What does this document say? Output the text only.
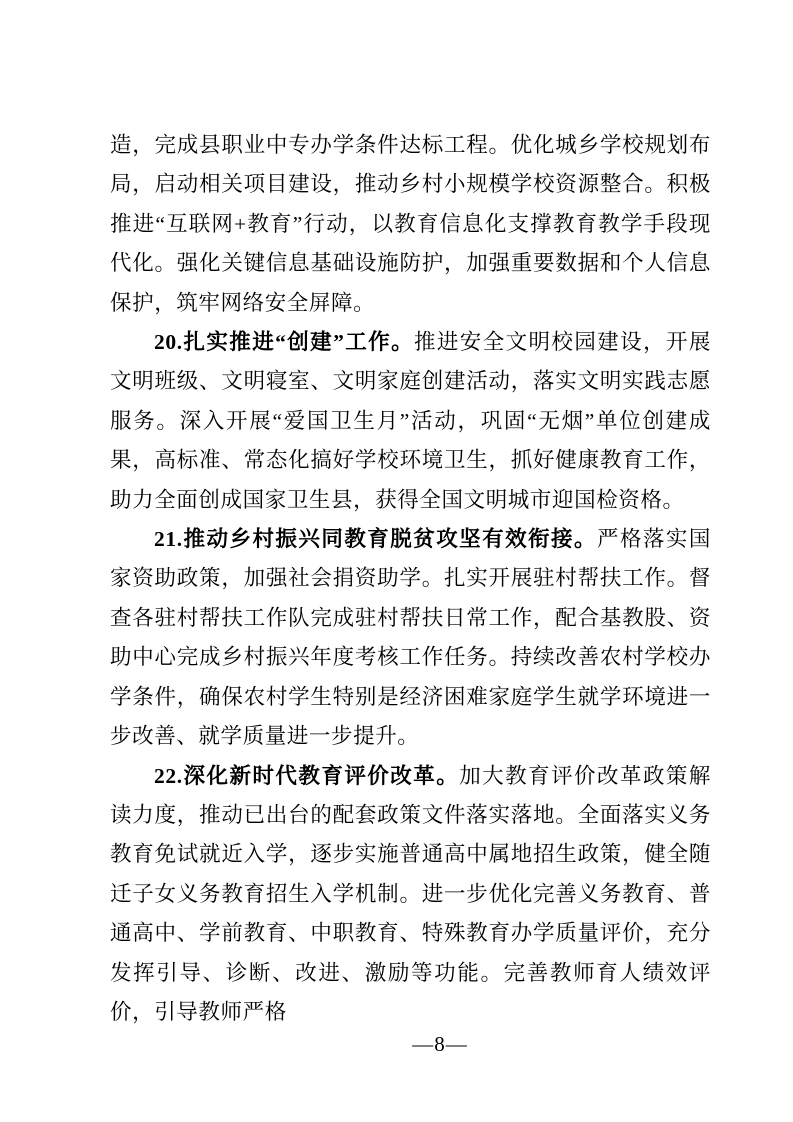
造，完成县职业中专办学条件达标工程。优化城乡学校规划布局，启动相关项目建设，推动乡村小规模学校资源整合。积极推进“互联网+教育”行动，以教育信息化支撑教育教学手段现代化。强化关键信息基础设施防护，加强重要数据和个人信息保护，筑牢网络安全屏障。

20.扎实推进“创建”工作。推进安全文明校园建设，开展文明班级、文明寝室、文明家庭创建活动，落实文明实践志愿服务。深入开展“爱国卫生月”活动，巩固“无烟”单位创建成果，高标准、常态化搞好学校环境卫生，抓好健康教育工作，助力全面创成国家卫生县，获得全国文明城市迎国检资格。

21.推动乡村振兴同教育脱贫攻坚有效衔接。严格落实国家资助政策，加强社会捐资助学。扎实开展驻村帮扶工作。督查各驻村帮扶工作队完成驻村帮扶日常工作，配合基教股、资助中心完成乡村振兴年度考核工作任务。持续改善农村学校办学条件，确保农村学生特别是经济困难家庭学生就学环境进一步改善、就学质量进一步提升。

22.深化新时代教育评价改革。加大教育评价改革政策解读力度，推动已出台的配套政策文件落实落地。全面落实义务教育免试就近入学，逐步实施普通高中属地招生政策，健全随迁子女义务教育招生入学机制。进一步优化完善义务教育、普通高中、学前教育、中职教育、特殊教育办学质量评价，充分发挥引导、诊断、改进、激励等功能。完善教师育人绩效评价，引导教师严格

—8—
